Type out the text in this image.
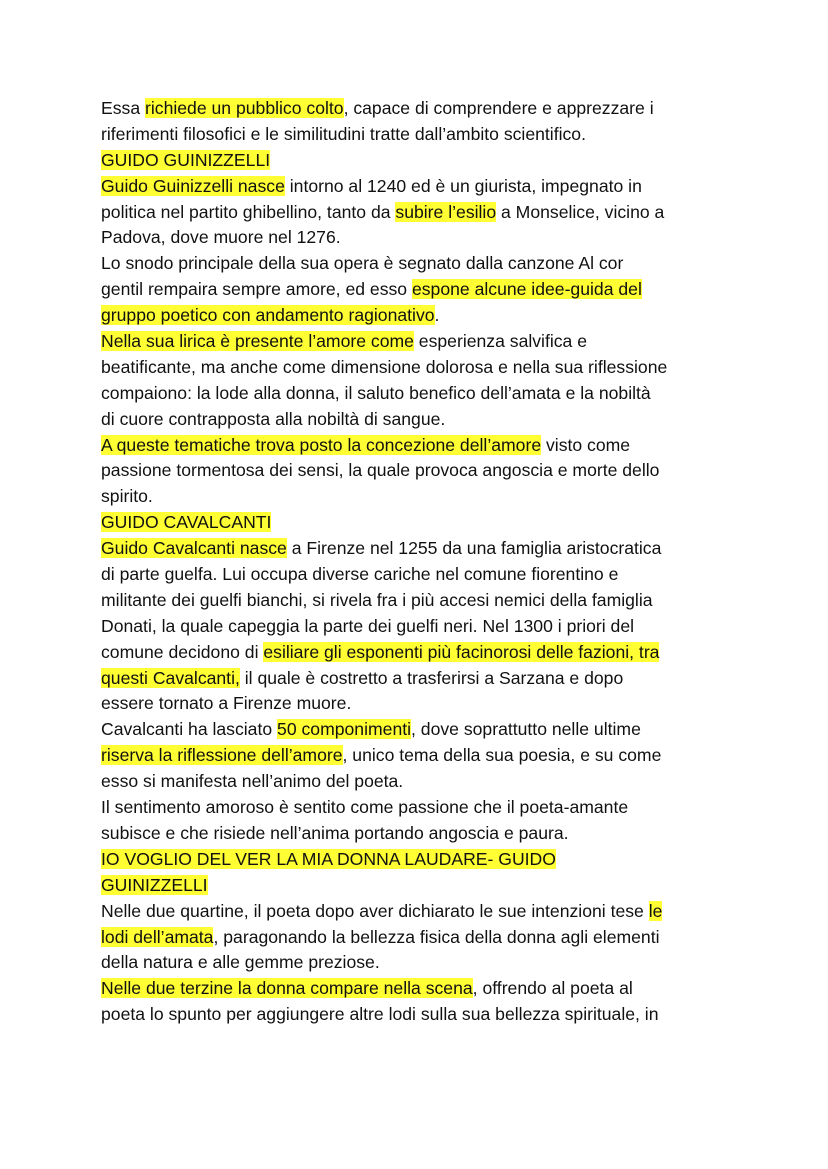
Essa richiede un pubblico colto, capace di comprendere e apprezzare i
riferimenti filosofici e le similitudini tratte dall’ambito scientifico.
GUIDO GUINIZZELLI
Guido Guinizzelli nasce intorno al 1240 ed è un giurista, impegnato in
politica nel partito ghibellino, tanto da subire l’esilio a Monselice, vicino a
Padova, dove muore nel 1276.
Lo snodo principale della sua opera è segnato dalla canzone Al cor
gentil rempaira sempre amore, ed esso espone alcune idee-guida del
gruppo poetico con andamento ragionativo.
Nella sua lirica è presente l’amore come esperienza salvifica e
beatificante, ma anche come dimensione dolorosa e nella sua riflessione
compaiono: la lode alla donna, il saluto benefico dell’amata e la nobiltà
di cuore contrapposta alla nobiltà di sangue.
A queste tematiche trova posto la concezione dell’amore visto come
passione tormentosa dei sensi, la quale provoca angoscia e morte dello
spirito.
GUIDO CAVALCANTI
Guido Cavalcanti nasce a Firenze nel 1255 da una famiglia aristocratica
di parte guelfa. Lui occupa diverse cariche nel comune fiorentino e
militante dei guelfi bianchi, si rivela fra i più accesi nemici della famiglia
Donati, la quale capeggia la parte dei guelfi neri. Nel 1300 i priori del
comune decidono di esiliare gli esponenti più facinorosi delle fazioni, tra
questi Cavalcanti, il quale è costretto a trasferirsi a Sarzana e dopo
essere tornato a Firenze muore.
Cavalcanti ha lasciato 50 componimenti, dove soprattutto nelle ultime
riserva la riflessione dell’amore, unico tema della sua poesia, e su come
esso si manifesta nell’animo del poeta.
Il sentimento amoroso è sentito come passione che il poeta-amante
subisce e che risiede nell’anima portando angoscia e paura.
IO VOGLIO DEL VER LA MIA DONNA LAUDARE- GUIDO
GUINIZZELLI
Nelle due quartine, il poeta dopo aver dichiarato le sue intenzioni tese le
lodi dell’amata, paragonando la bellezza fisica della donna agli elementi
della natura e alle gemme preziose.
Nelle due terzine la donna compare nella scena, offrendo al poeta al
poeta lo spunto per aggiungere altre lodi sulla sua bellezza spirituale, in
